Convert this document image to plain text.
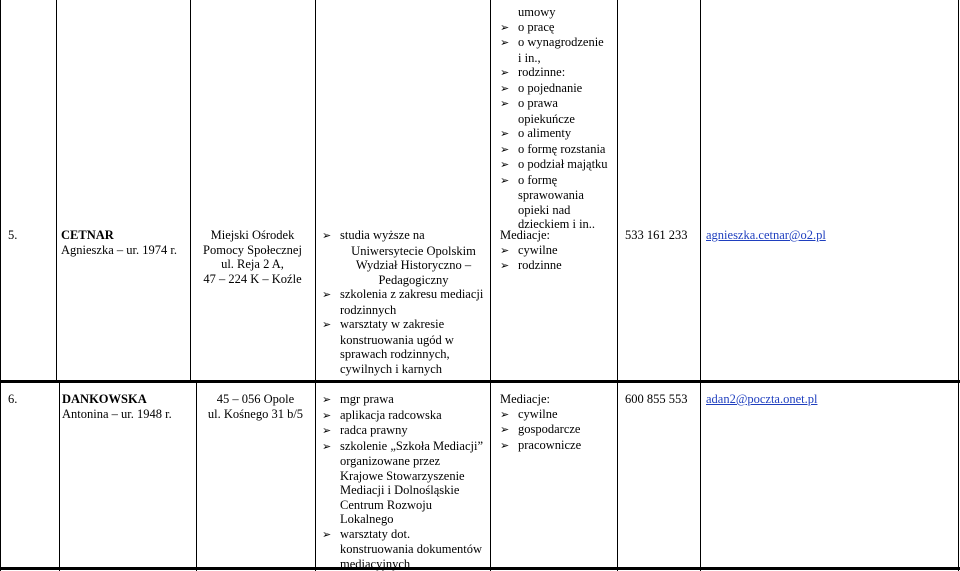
umowy
➢ o pracę
➢ o wynagrodzenie
i in.,
➢ rodzinne:
➢ o pojednanie
➢ o prawa
opiekuńcze
➢ o alimenty
➢ o formę rozstania
➢ o podział majątku
➢ o formę
sprawowania
opieki nad
dzieckiem i in..
5.	CETNAR
Agnieszka – ur. 1974 r.
Miejski Ośrodek
Pomocy Społecznej
ul. Reja 2 A,
47 – 224 K – Koźle
➢ studia wyższe na
Uniwersytecie Opolskim
Wydział Historyczno –
Pedagogiczny
➢ szkolenia z zakresu mediacji
rodzinnych
➢ warsztaty w zakresie
konstruowania ugód w
sprawach rodzinnych,
cywilnych i karnych
Mediacje:
➢ cywilne
➢ rodzinne
533 161 233 agnieszka.cetnar@o2.pl
6.	DANKOWSKA
Antonina – ur. 1948 r.
45 – 056 Opole
ul. Kośnego 31 b/5
➢ mgr prawa
➢ aplikacja radcowska
➢ radca prawny
➢ szkolenie „Szkoła Mediacji”
organizowane przez
Krajowe Stowarzyszenie
Mediacji i Dolnośląskie
Centrum Rozwoju
Lokalnego
➢ warsztaty dot.
konstruowania dokumentów
mediacyjnych
Mediacje:
➢ cywilne
➢ gospodarcze
➢ pracownicze
600 855 553 adan2@poczta.onet.pl
